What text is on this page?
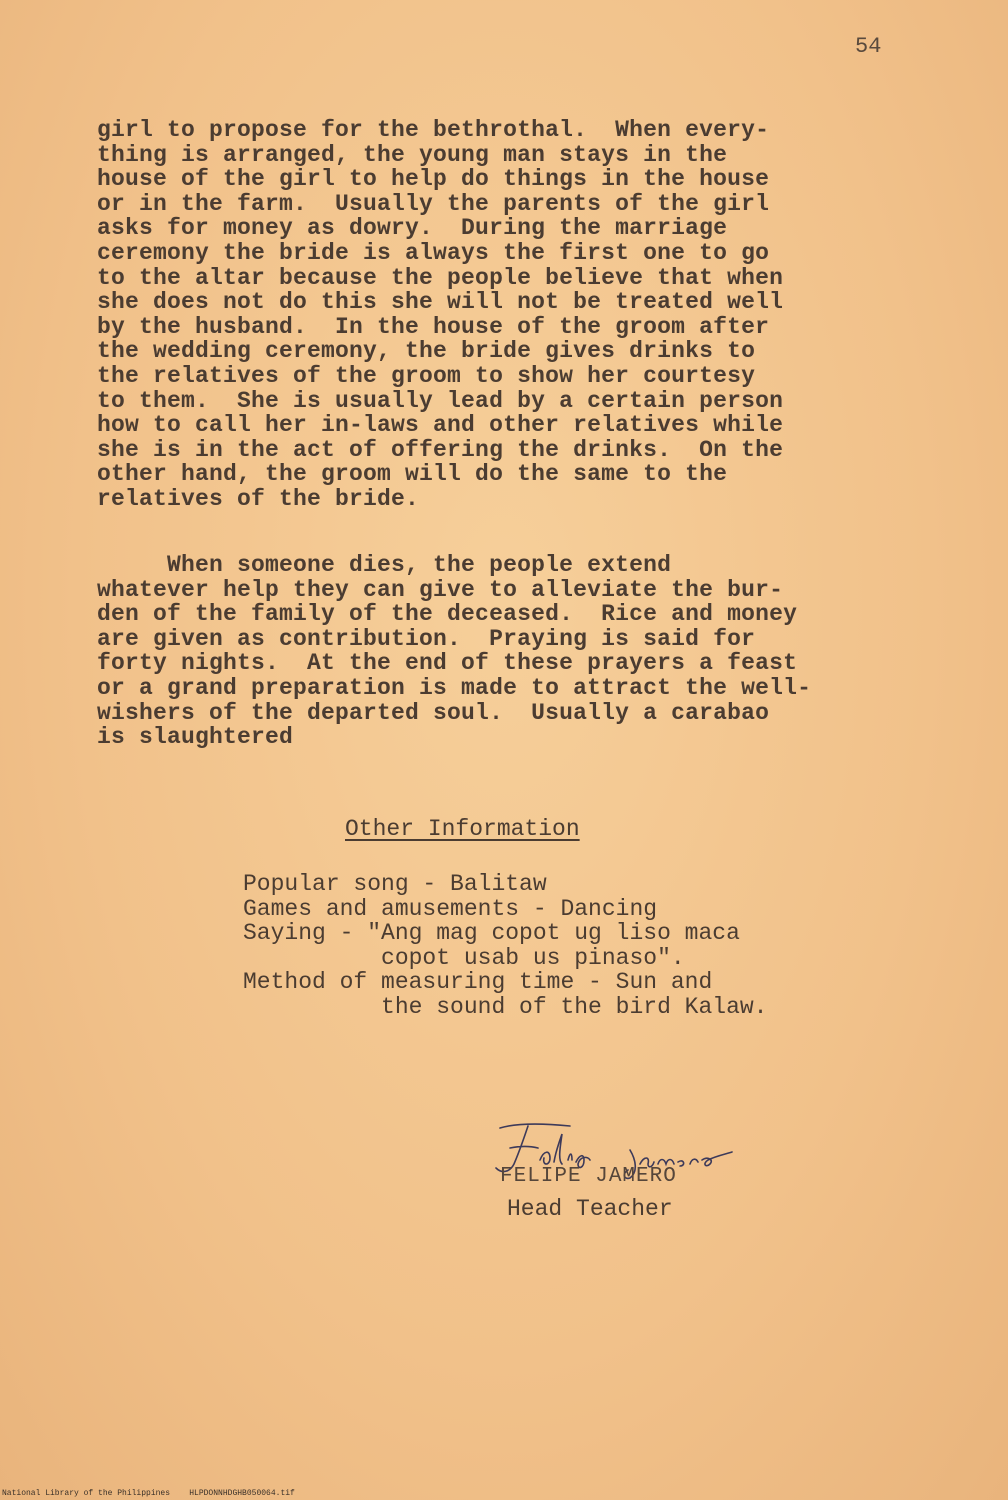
54
girl to propose for the bethrothal.  When every-
thing is arranged, the young man stays in the
house of the girl to help do things in the house
or in the farm.  Usually the parents of the girl
asks for money as dowry.  During the marriage
ceremony the bride is always the first one to go
to the altar because the people believe that when
she does not do this she will not be treated well
by the husband.  In the house of the groom after
the wedding ceremony, the bride gives drinks to
the relatives of the groom to show her courtesy
to them.  She is usually lead by a certain person
how to call her in-laws and other relatives while
she is in the act of offering the drinks.  On the
other hand, the groom will do the same to the
relatives of the bride.
When someone dies, the people extend
whatever help they can give to alleviate the bur-
den of the family of the deceased.  Rice and money
are given as contribution.  Praying is said for
forty nights.  At the end of these prayers a feast
or a grand preparation is made to attract the well-
wishers of the departed soul.  Usually a carabao
is slaughtered
Other Information
Popular song - Balitaw
Games and amusements - Dancing
Saying - "Ang mag copot ug liso maca
copot usab us pinaso".
Method of measuring time - Sun and
the sound of the bird Kalaw.
FELIPE JAMERO
Head Teacher
National Library of the Philippines    HLPDONNHDGHB050064.tif
